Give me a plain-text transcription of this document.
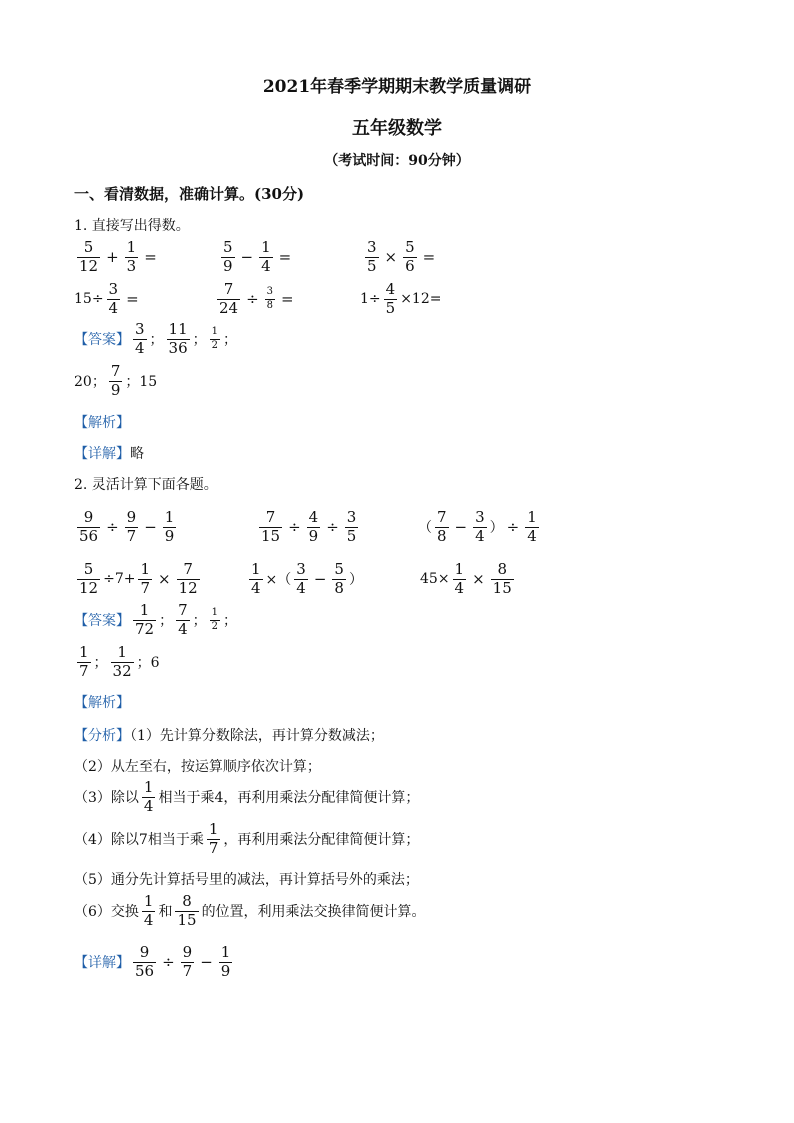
2021年春季学期期末教学质量调研
五年级数学
（考试时间：90分钟）
一、看清数据，准确计算。(30分)
1. 直接写出得数。
$\frac{5}{12} + \frac{1}{3}$ =	$\frac{5}{9} - \frac{1}{4}$ =	$\frac{3}{5} \times \frac{5}{6}$ =
$15\div \frac{3}{4}$ =	$\frac{7}{24} \div \frac{3}{8}$ =	$1\div \frac{4}{5} \times 12=$
【答案】 $\frac{3}{4}$ ； $\frac{11}{36}$ ； $\frac{1}{2}$ ；
20； $\frac{7}{9}$ ；15
【解析】
【详解】略
2. 灵活计算下面各题。
$\frac{9}{56} \div \frac{9}{7} - \frac{1}{9}$	$\frac{7}{15} \div \frac{4}{9} \div \frac{3}{5}$	（ $\frac{7}{8} - \frac{3}{4}$ ） ÷ $\frac{1}{4}$
$\frac{5}{12} \div 7+ \frac{1}{7} \times \frac{7}{12}$	$\frac{1}{4}$ ×（ $\frac{3}{4} - \frac{5}{8}$ ）	$45\times \frac{1}{4} \times \frac{8}{15}$
【答案】 $\frac{1}{72}$ ； $\frac{7}{4}$ ； $\frac{1}{2}$ ；
$\frac{1}{7}$ ； $\frac{1}{32}$ ；6
【解析】
【分析】（1）先计算分数除法，再计算分数减法；
（2）从左至右，按运算顺序依次计算；
（3）除以 $\frac{1}{4}$ 相当于乘4，再利用乘法分配律简便计算；
（4）除以7相当于乘 $\frac{1}{7}$ ，再利用乘法分配律简便计算；
（5）通分先计算括号里的减法，再计算括号外的乘法；
（6）交换 $\frac{1}{4}$ 和 $\frac{8}{15}$ 的位置，利用乘法交换律简便计算。
【详解】 $\frac{9}{56} \div \frac{9}{7} - \frac{1}{9}$
